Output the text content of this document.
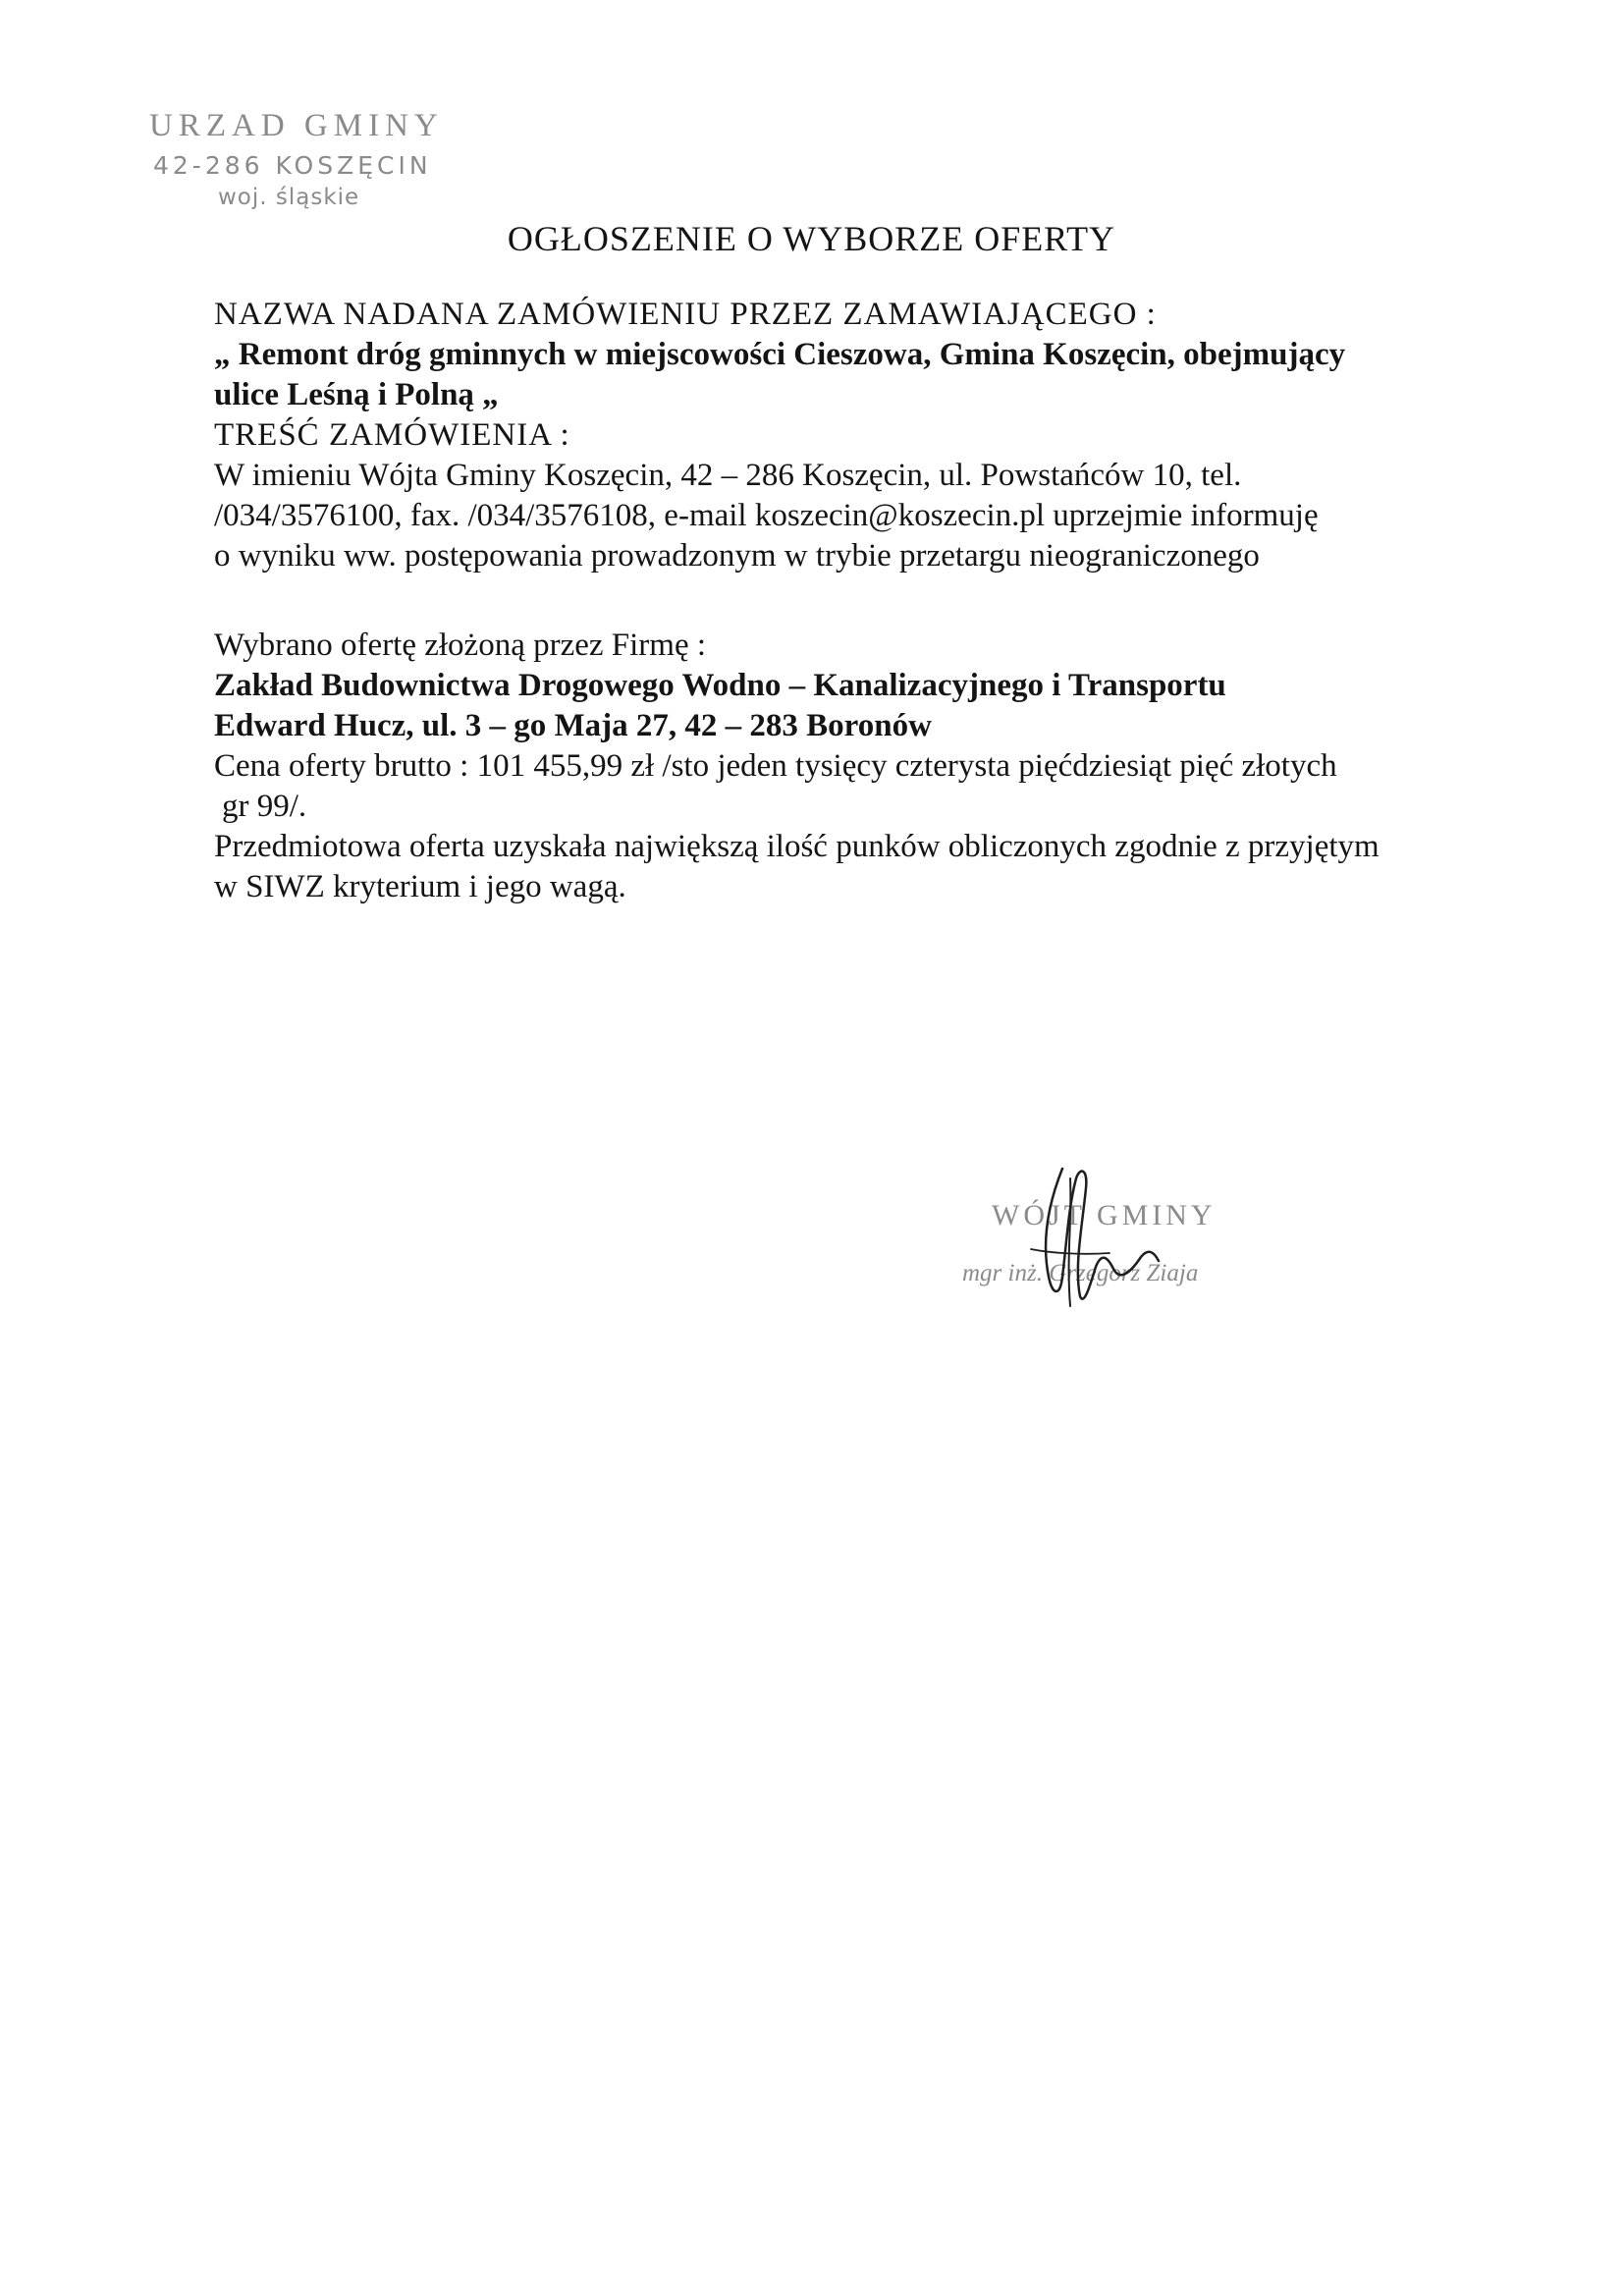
URZAD GMINY
42-286 KOSZĘCIN
woj. śląskie
OGŁOSZENIE O WYBORZE OFERTY
NAZWA NADANA ZAMÓWIENIU PRZEZ ZAMAWIAJĄCEGO :
„ Remont dróg gminnych w miejscowości Cieszowa, Gmina Koszęcin, obejmujący
ulice Leśną i Polną „
TREŚĆ ZAMÓWIENIA :
W imieniu Wójta Gminy Koszęcin, 42 – 286 Koszęcin, ul. Powstańców 10, tel.
/034/3576100, fax. /034/3576108, e-mail koszecin@koszecin.pl uprzejmie informuję
o wyniku ww. postępowania prowadzonym w trybie przetargu nieograniczonego
Wybrano ofertę złożoną przez Firmę :
Zakład Budownictwa Drogowego Wodno – Kanalizacyjnego i Transportu
Edward Hucz, ul. 3 – go Maja 27, 42 – 283 Boronów
Cena oferty brutto : 101 455,99 zł /sto jeden tysięcy czterysta pięćdziesiąt pięć złotych
gr 99/.
Przedmiotowa oferta uzyskała największą ilość punków obliczonych zgodnie z przyjętym
w SIWZ kryterium i jego wagą.
WÓJT GMINY
mgr inż. Grzegorz Ziaja
